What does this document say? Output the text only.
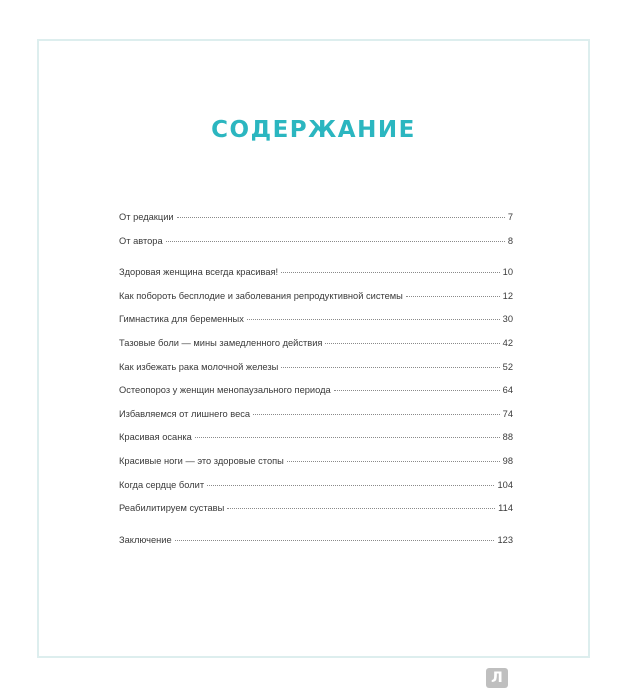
СОДЕРЖАНИЕ
От редакции	7
От автора	8
Здоровая женщина всегда красивая!	10
Как побороть бесплодие и заболевания репродуктивной системы	12
Гимнастика для беременных	30
Тазовые боли — мины замедленного действия	42
Как избежать рака молочной железы	52
Остеопороз у женщин менопаузального периода	64
Избавляемся от лишнего веса	74
Красивая осанка	88
Красивые ноги — это здоровые стопы	98
Когда сердце болит	104
Реабилитируем суставы	114
Заключение	123
Л
